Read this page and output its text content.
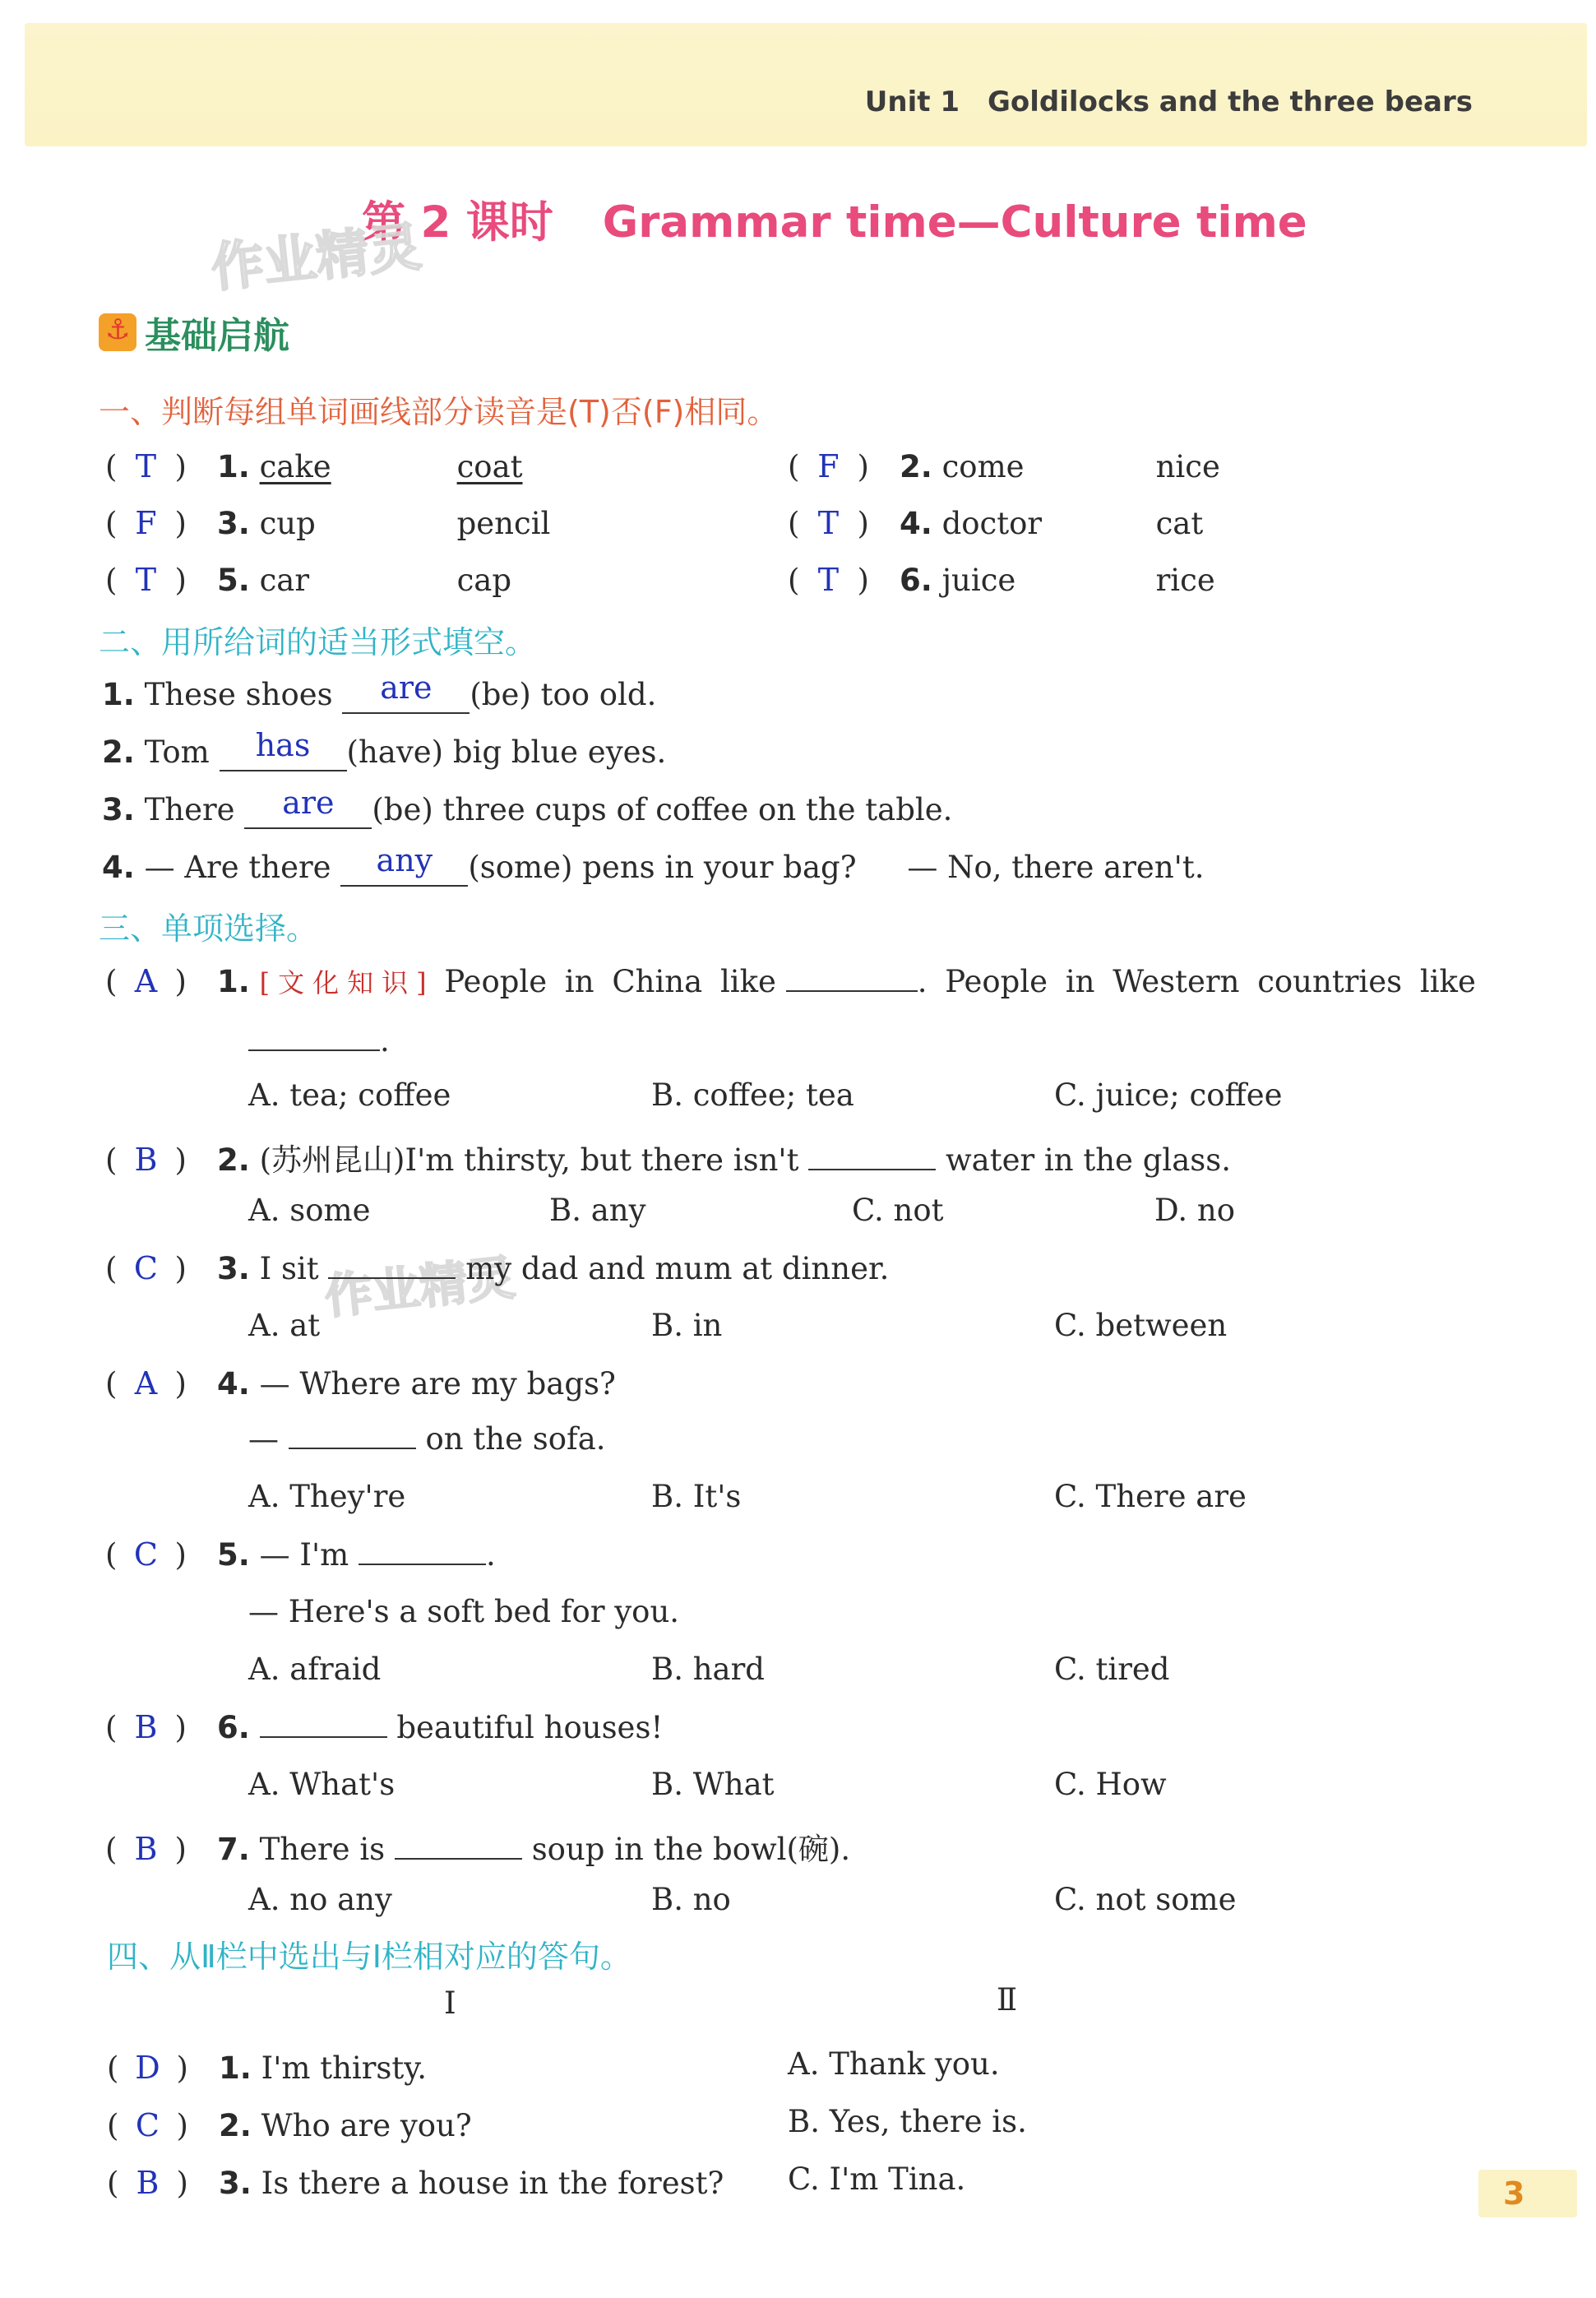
Unit 1 Goldilocks and the three bears
第 2 课时 Grammar time—Culture time
作业精灵
作业精灵
⚓
基础启航
一、判断每组单词画线部分读音是(T)否(F)相同。
( T ) 1. cake	coat	( F ) 2. come	nice
( F ) 3. cup	pencil	( T ) 4. doctor	cat
( T ) 5. car	cap	( T ) 6. juice	rice
二、用所给词的适当形式填空。
1. These shoes are (be) too old.
2. Tom has (have) big blue eyes.
3. There are (be) three cups of coffee on the table.
4. — Are there any (some) pens in your bag? — No, there aren't.
三、单项选择。
( A ) 1. [文化知识] People in China like	. People in Western countries like
.
A. tea; coffee	B. coffee; tea	C. juice; coffee
( B ) 2. (苏州昆山)I'm thirsty, but there isn't	water in the glass.
A. some	B. any	C. not	D. no
( C ) 3. I sit	my dad and mum at dinner.
A. at	B. in	C. between
( A ) 4. — Where are my bags?
—	on the sofa.
A. They're	B. It's	C. There are
( C ) 5. — I'm	.
— Here's a soft bed for you.
A. afraid	B. hard	C. tired
( B ) 6.	beautiful houses!
A. What's	B. What	C. How
( B ) 7. There is	soup in the bowl(碗).
A. no any	B. no	C. not some
四、从Ⅱ栏中选出与Ⅰ栏相对应的答句。
Ⅰ	Ⅱ
( D ) 1. I'm thirsty.	A. Thank you.
( C ) 2. Who are you?	B. Yes, there is.
( B ) 3. Is there a house in the forest? C. I'm Tina.	3
